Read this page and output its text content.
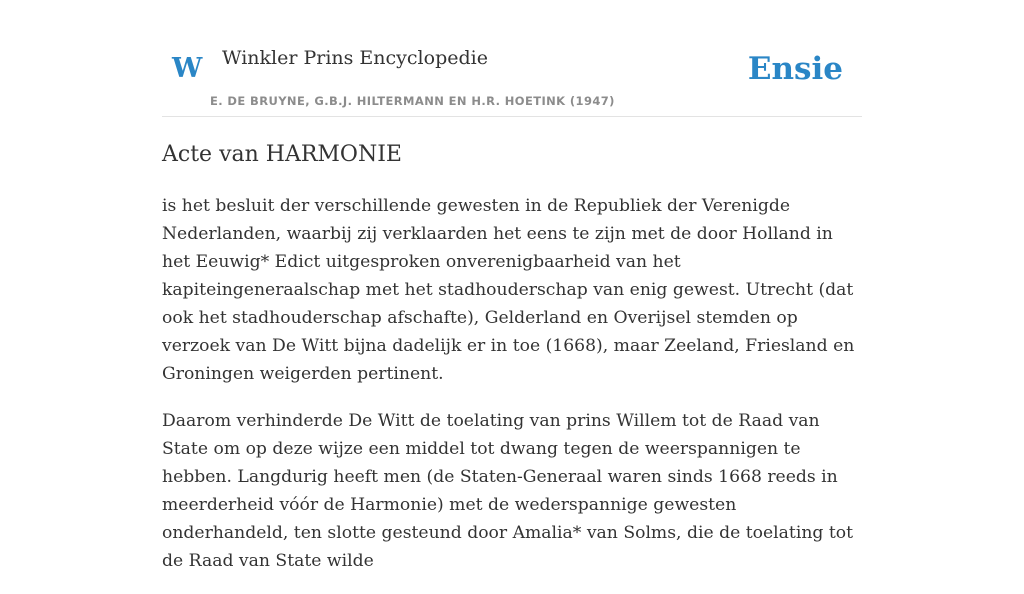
W Winkler Prins Encyclopedie
E. DE BRUYNE, G.B.J. HILTERMANN EN H.R. HOETINK (1947)
Ensie
Acte van HARMONIE

is het besluit der verschillende gewesten in de Republiek der Verenigde Nederlanden, waarbij zij verklaarden het eens te zijn met de door Holland in het Eeuwig* Edict uitgesproken onverenigbaarheid van het kapiteingeneraalschap met het stadhouderschap van enig gewest. Utrecht (dat ook het stadhouderschap afschafte), Gelderland en Overijsel stemden op verzoek van De Witt bijna dadelijk er in toe (1668), maar Zeeland, Friesland en Groningen weigerden pertinent.

Daarom verhinderde De Witt de toelating van prins Willem tot de Raad van State om op deze wijze een middel tot dwang tegen de weerspannigen te hebben. Langdurig heeft men (de Staten-Generaal waren sinds 1668 reeds in meerderheid vóór de Harmonie) met de wederspannige gewesten onderhandeld, ten slotte gesteund door Amalia* van Solms, die de toelating tot de Raad van State wilde
